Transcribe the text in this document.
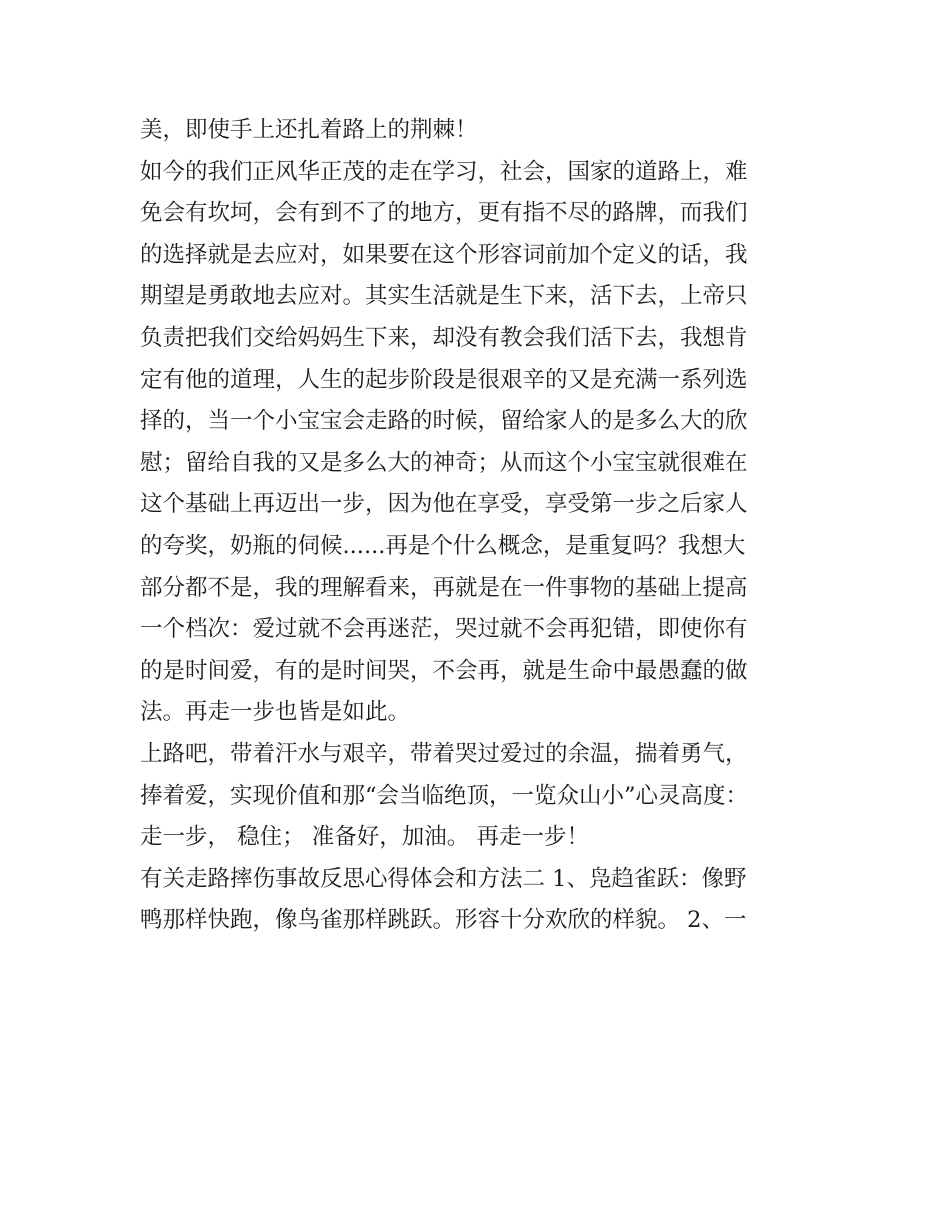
美，即使手上还扎着路上的荆棘！
如今的我们正风华正茂的走在学习，社会，国家的道路上，难
免会有坎坷，会有到不了的地方，更有指不尽的路牌，而我们
的选择就是去应对，如果要在这个形容词前加个定义的话，我
期望是勇敢地去应对。其实生活就是生下来，活下去，上帝只
负责把我们交给妈妈生下来，却没有教会我们活下去，我想肯
定有他的道理，人生的起步阶段是很艰辛的又是充满一系列选
择的，当一个小宝宝会走路的时候，留给家人的是多么大的欣
慰；留给自我的又是多么大的神奇；从而这个小宝宝就很难在
这个基础上再迈出一步，因为他在享受，享受第一步之后家人
的夸奖，奶瓶的伺候......再是个什么概念，是重复吗？我想大
部分都不是，我的理解看来，再就是在一件事物的基础上提高
一个档次：爱过就不会再迷茫，哭过就不会再犯错，即使你有
的是时间爱，有的是时间哭，不会再，就是生命中最愚蠢的做
法。再走一步也皆是如此。
上路吧，带着汗水与艰辛，带着哭过爱过的余温，揣着勇气，
捧着爱，实现价值和那“会当临绝顶，一览众山小”心灵高度：
走一步， 稳住； 准备好，加油。 再走一步！
有关走路摔伤事故反思心得体会和方法二 1、凫趋雀跃：像野
鸭那样快跑，像鸟雀那样跳跃。形容十分欢欣的样貌。 2、一
